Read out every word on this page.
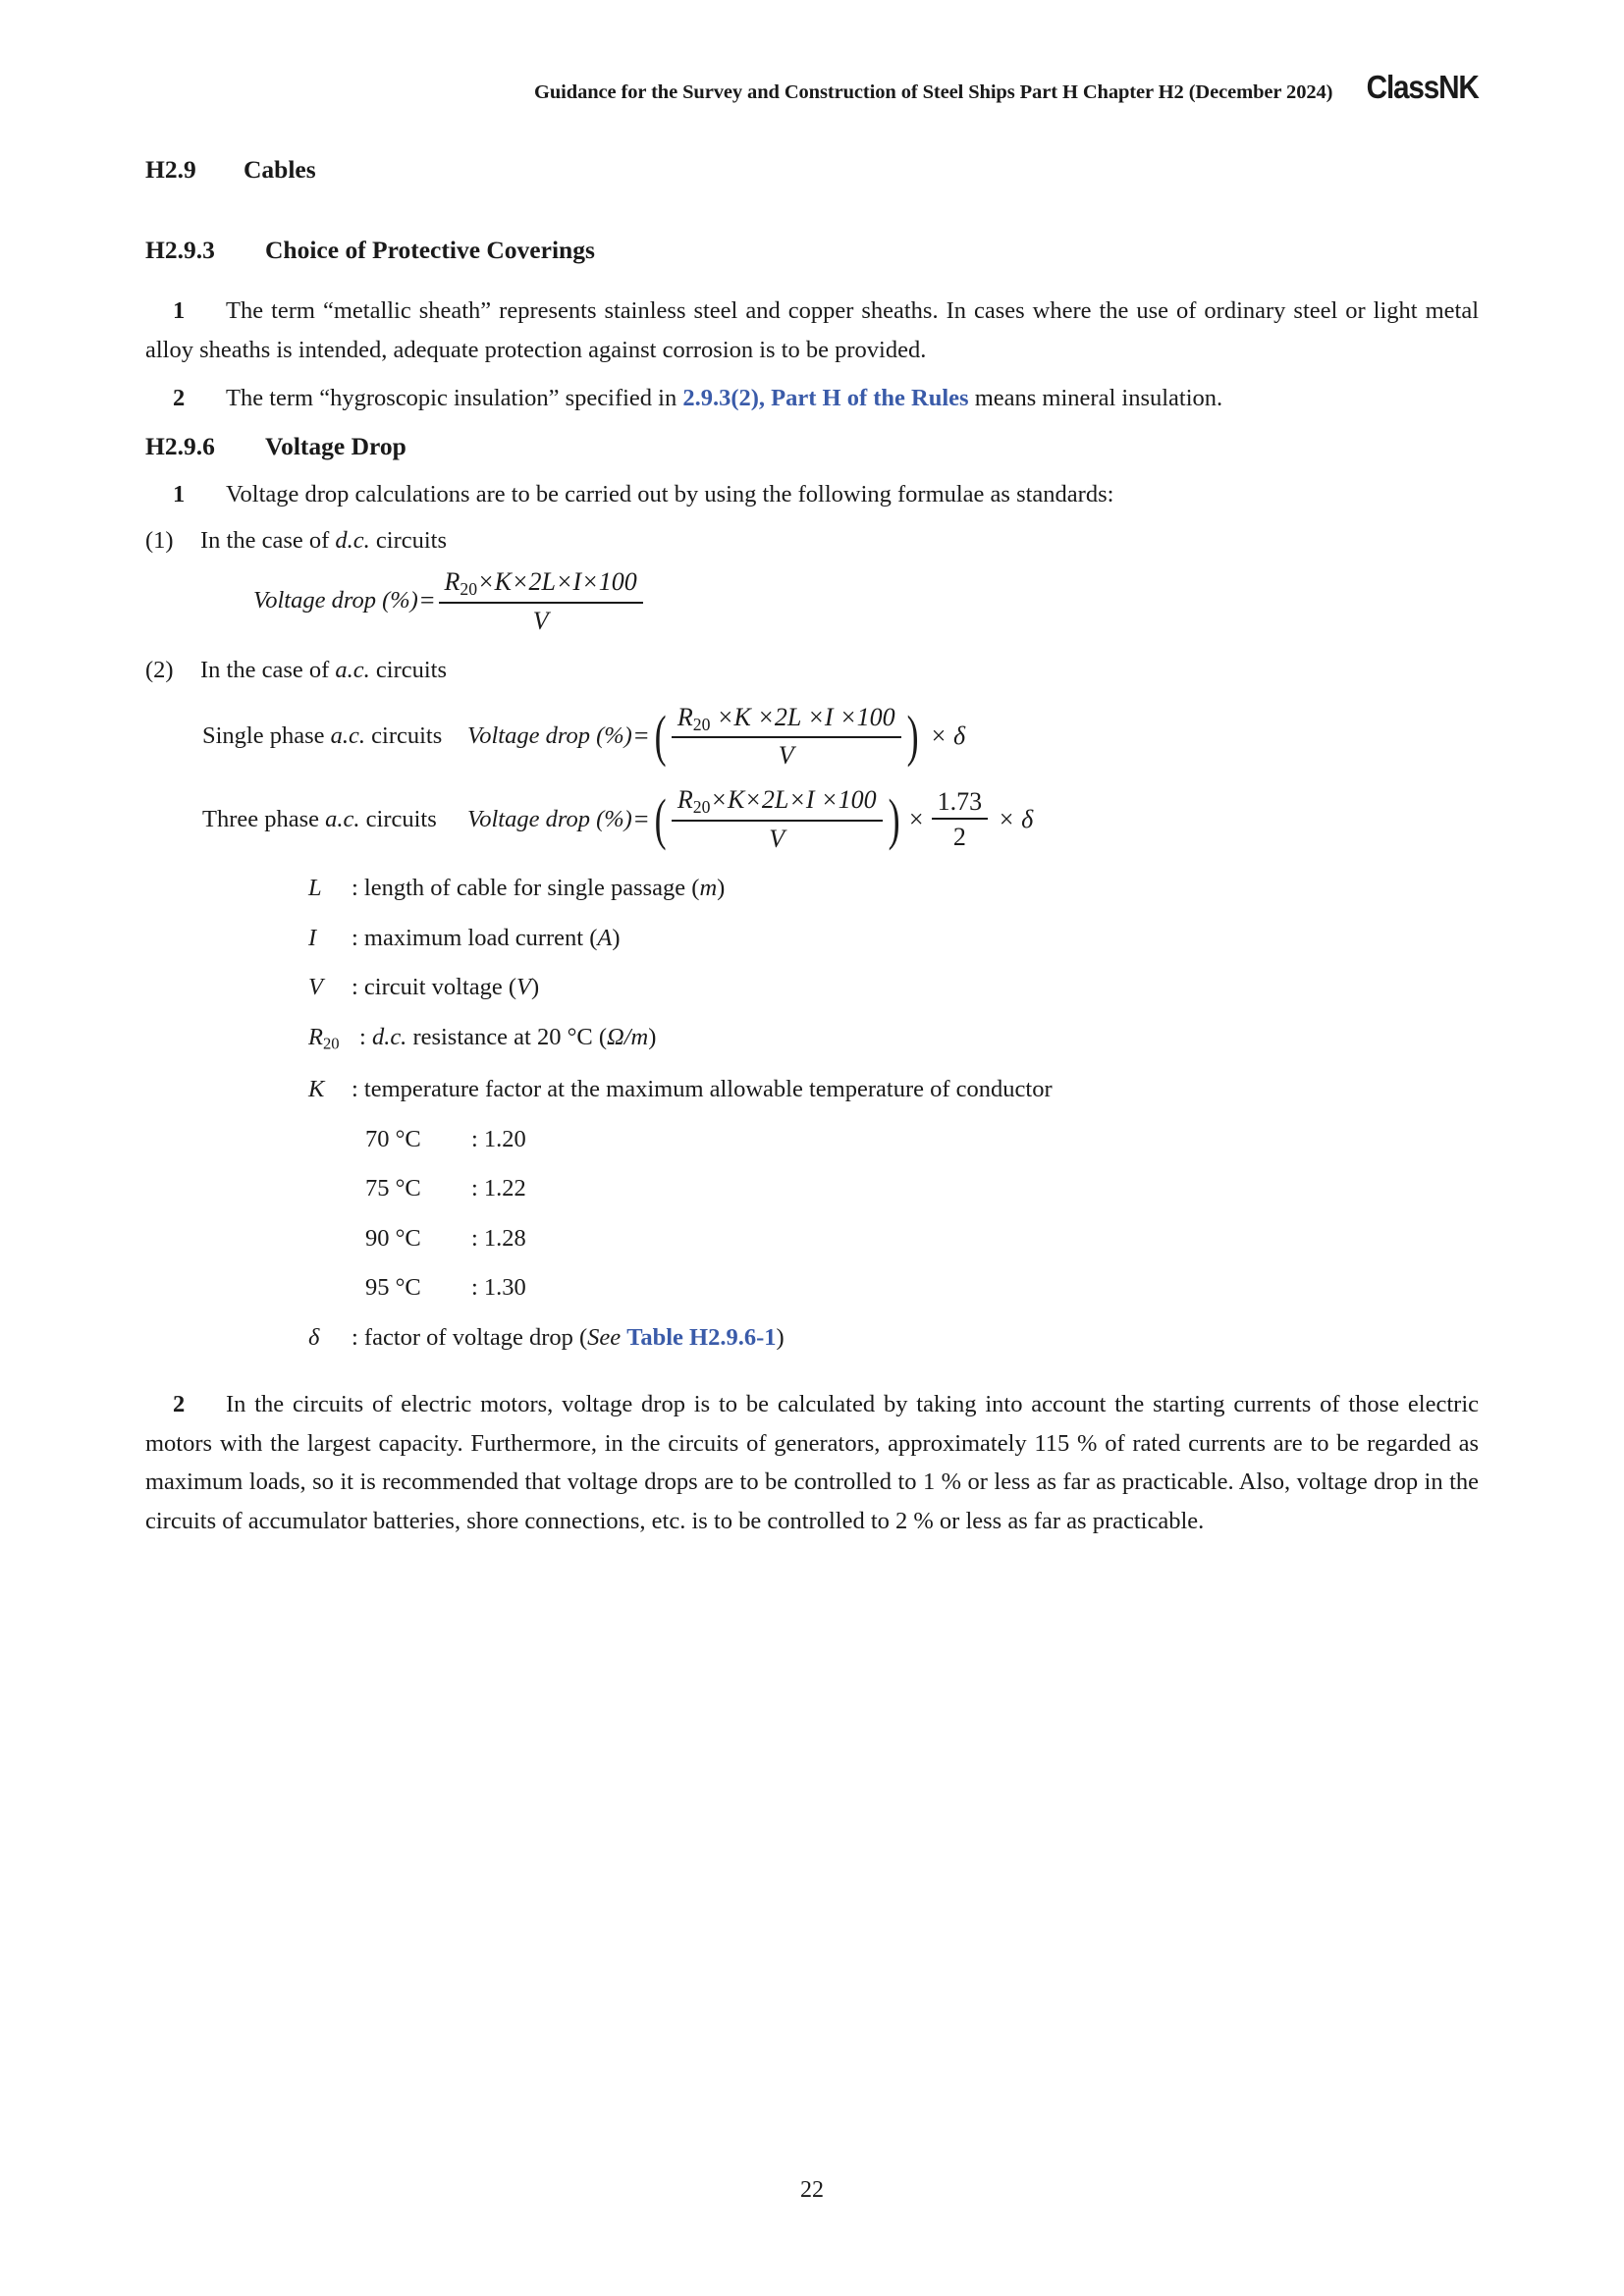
Guidance for the Survey and Construction of Steel Ships Part H Chapter H2 (December 2024) ClassNK
H2.9	Cables
H2.9.3	Choice of Protective Coverings

1 The term “metallic sheath” represents stainless steel and copper sheaths. In cases where the use of ordinary steel or light metal alloy sheaths is intended, adequate protection against corrosion is to be provided.

2 The term “hygroscopic insulation” specified in 2.9.3(2), Part H of the Rules means mineral insulation.

H2.9.6	Voltage Drop

1 Voltage drop calculations are to be carried out by using the following formulae as standards:

(1)	In the case of d.c. circuits
Voltage drop (%) = $\frac{R_{20}\times K\times 2L\times I\times 100}{V}$
(2)	In the case of a.c. circuits
Single phase a.c. circuits	Voltage drop (%) = ( $\frac{R_{20} \times K \times 2L \times I \times 100}{V}$ ) × δ
Three phase a.c. circuits	Voltage drop (%) = ( $\frac{R_{20}\times K\times 2L\times I \times 100}{V}$ ) × $\frac{1.73}{2} \times \delta$
L	: length of cable for single passage (m)
I	: maximum load current (A)
V	: circuit voltage (V)
$R_{20}$ : d.c. resistance at 20 °C (Ω/m)
K	: temperature factor at the maximum allowable temperature of conductor
70 °C	: 1.20
75 °C	: 1.22
90 °C	: 1.28
95 °C	: 1.30
δ	: factor of voltage drop (See Table H2.9.6-1)

2 In the circuits of electric motors, voltage drop is to be calculated by taking into account the starting currents of those electric motors with the largest capacity. Furthermore, in the circuits of generators, approximately 115 % of rated currents are to be regarded as maximum loads, so it is recommended that voltage drops are to be controlled to 1 % or less as far as practicable. Also, voltage drop in the circuits of accumulator batteries, shore connections, etc. is to be controlled to 2 % or less as far as practicable.

22
